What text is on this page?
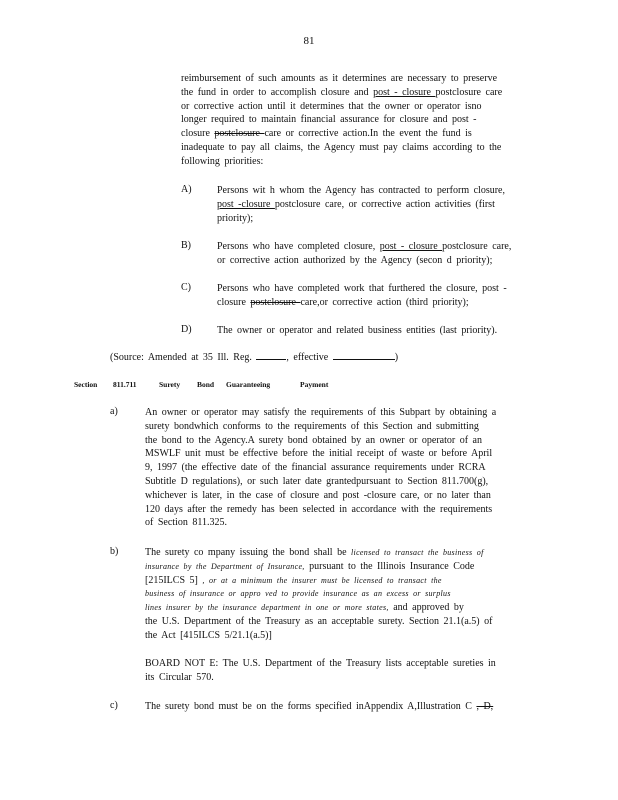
81
reimbursement of such amounts as it determines are necessary to preserve
the fund in order to accomplish closure and post - closure postclosure care
or corrective action until it determines that the owner or operator isno
longer required to maintain financial assurance for closure and post -
closure postclosure care or corrective action.In the event the fund is
inadequate to pay all claims, the Agency must pay claims according to the
following priorities:
A)	Persons wit h whom the Agency has contracted to perform closure,
post -closure postclosure care, or corrective action activities (first
priority);
B)	Persons who have completed closure, post - closure postclosure care,
or corrective action authorized by the Agency (secon d priority);
C)	Persons who have completed work that furthered the closure, post -
closure postclosure care,or corrective action (third priority);
D)	The owner or operator and related business entities (last priority).
(Source: Amended at 35 Ill. Reg.	, effective	)
Section 811.711	Surety Bond Guaranteeing	Payment
a)	An owner or operator may satisfy the requirements of this Subpart by obtaining a
surety bondwhich conforms to the requirements of this Section and submitting
the bond to the Agency.A surety bond obtained by an owner or operator of an
MSWLF unit must be effective before the initial receipt of waste or before April
9, 1997 (the effective date of the financial assurance requirements under RCRA
Subtitle D regulations), or such later date grantedpursuant to Section 811.700(g),
whichever is later, in the case of closure and post -closure care, or no later than
120 days after the remedy has been selected in accordance with the requirements
of Section 811.325.
b)	The surety co mpany issuing the bond shall be licensed to transact the business of
insurance by the Department of Insurance, pursuant to the Illinois Insurance Code
[215ILCS 5] , or at a minimum the insurer must be licensed to transact the
business of insurance or appro ved to provide insurance as an excess or surplus
lines insurer by the insurance department in one or more states, and approved by
the U.S. Department of the Treasury as an acceptable surety. Section 21.1(a.5) of
the Act [415ILCS 5/21.1(a.5)]
BOARD NOT E: The U.S. Department of the Treasury lists acceptable sureties in
its Circular 570.
c)	The surety bond must be on the forms specified inAppendix A,Illustration C , D,
